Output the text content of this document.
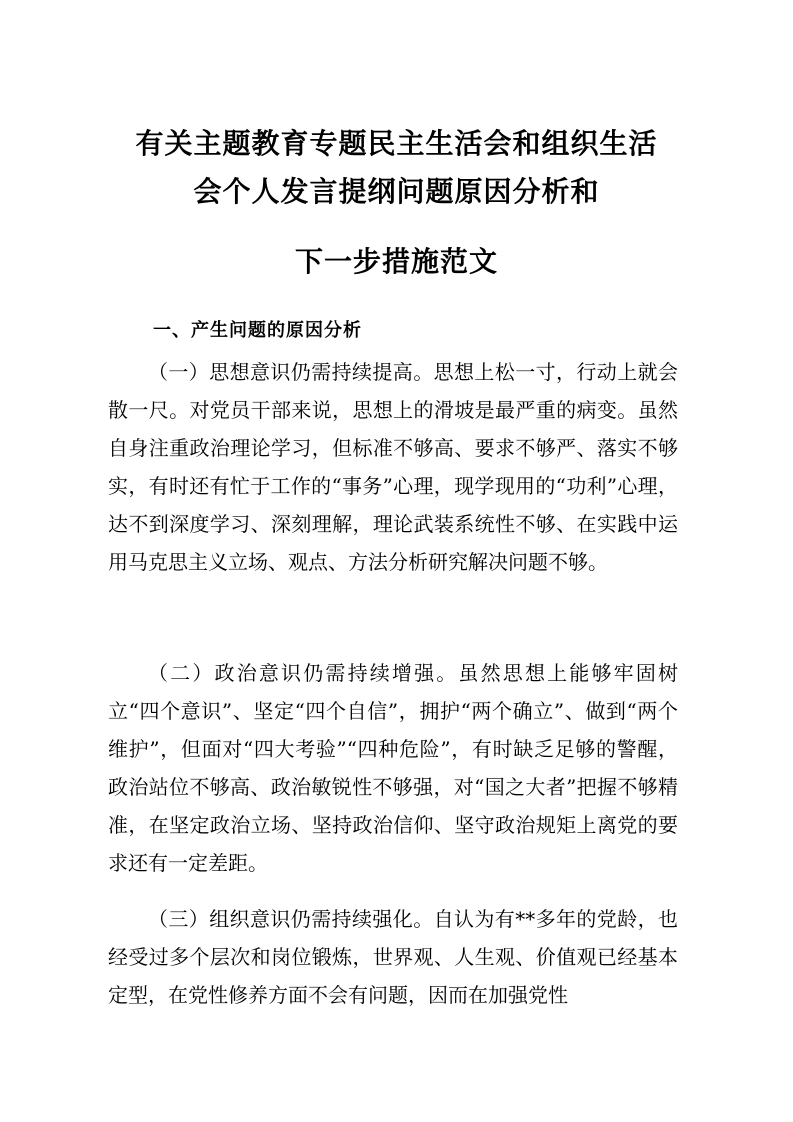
有关主题教育专题民主生活会和组织生活
会个人发言提纲问题原因分析和
下一步措施范文
一、产生问题的原因分析

（一）思想意识仍需持续提高。思想上松一寸，行动上就会散一尺。对党员干部来说，思想上的滑坡是最严重的病变。虽然自身注重政治理论学习，但标准不够高、要求不够严、落实不够实，有时还有忙于工作的“事务”心理，现学现用的“功利”心理，达不到深度学习、深刻理解，理论武装系统性不够、在实践中运用马克思主义立场、观点、方法分析研究解决问题不够。

（二）政治意识仍需持续增强。虽然思想上能够牢固树立“四个意识”、坚定“四个自信”，拥护“两个确立”、做到“两个维护”，但面对“四大考验”“四种危险”，有时缺乏足够的警醒，政治站位不够高、政治敏锐性不够强，对“国之大者”把握不够精准，在坚定政治立场、坚持政治信仰、坚守政治规矩上离党的要求还有一定差距。

（三）组织意识仍需持续强化。自认为有**多年的党龄，也经受过多个层次和岗位锻炼，世界观、人生观、价值观已经基本定型，在党性修养方面不会有问题，因而在加强党性
